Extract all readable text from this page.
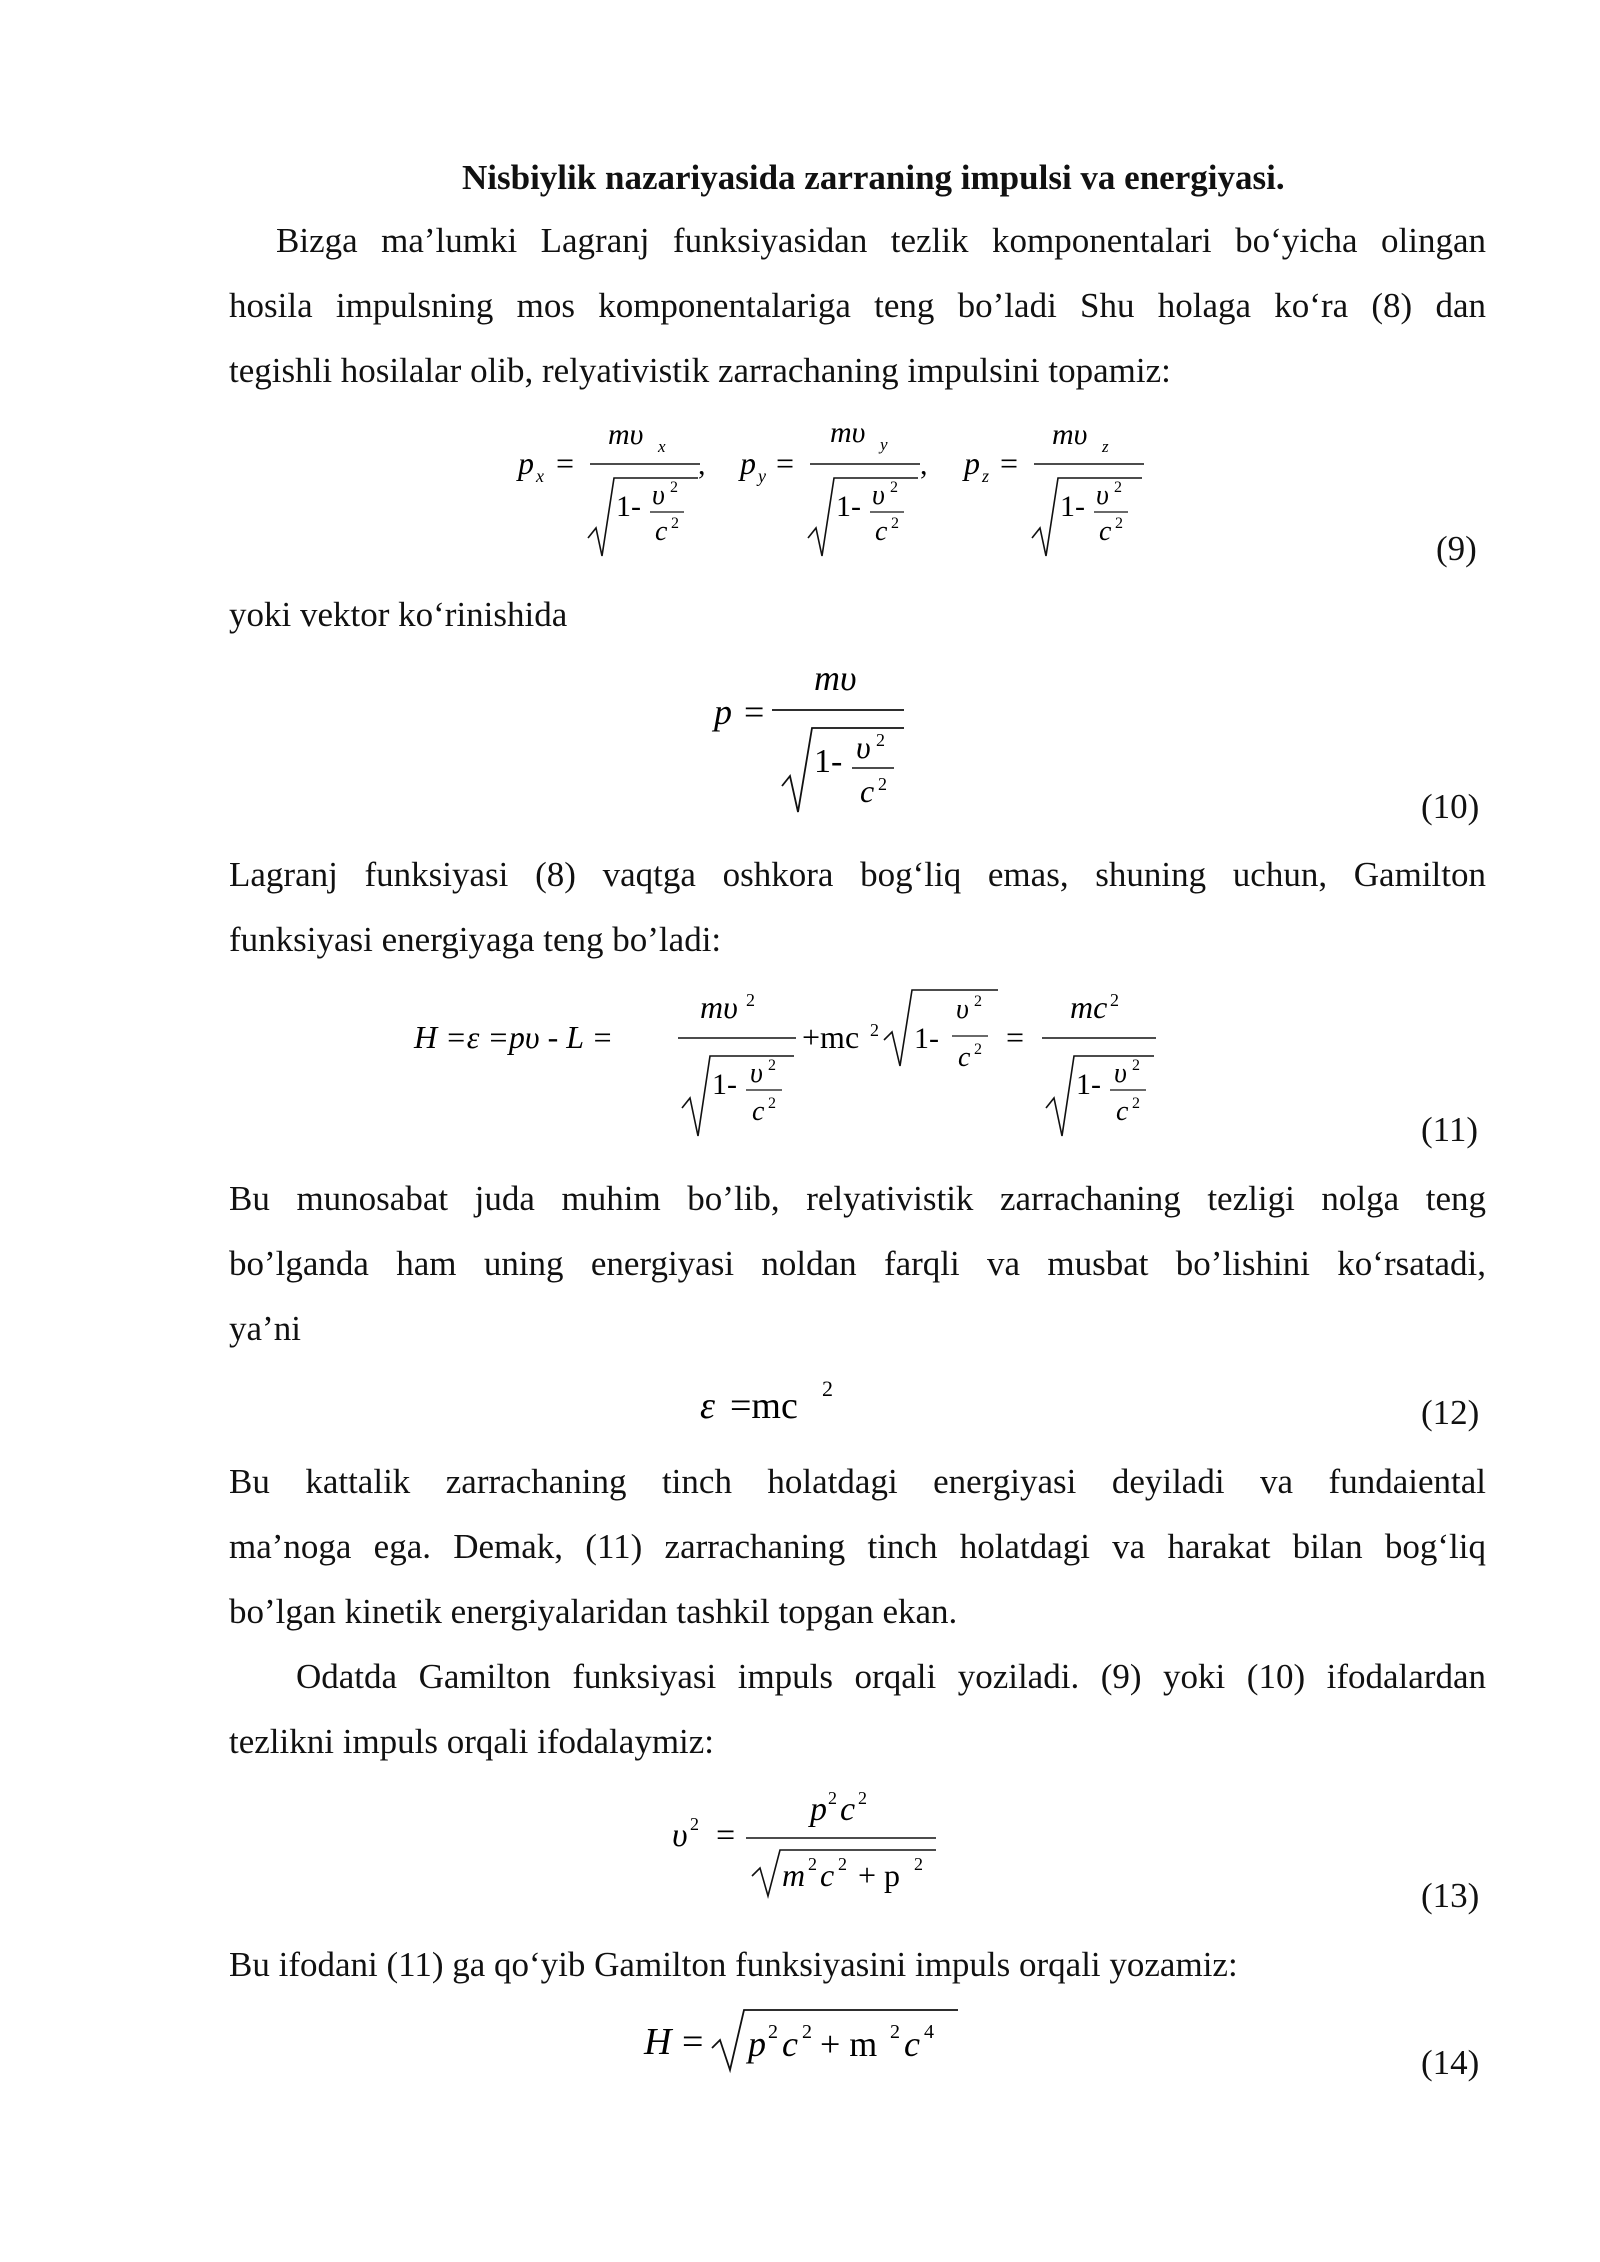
Nisbiylik nazariyasida zarraning impulsi va energiyasi.
Bizga ma’lumki Lagranj funksiyasidan tezlik komponentalari bo‘yicha olingan
hosila impulsning mos komponentalariga teng bo’ladi Shu holaga ko‘ra (8) dan
tegishli hosilalar olib, relyativistik zarrachaning impulsini topamiz:
p x =
mυ x
1- υ 2
c 2
, p y =
mυ y
1- υ 2
c 2
, p z =
mυ z
1- υ 2
c 2
(9)
yoki vektor ko‘rinishida
p =
mυ
1- υ 2
c 2
(10)
Lagranj funksiyasi (8) vaqtga oshkora bog‘liq emas, shuning uchun, Gamilton
funksiyasi energiyaga teng bo’ladi:
H =ε =pυ - L =
mυ 2
1- υ 2
c 2
+mc 2 1-
υ 2
c 2 =
mc 2
1- υ 2
c 2
(11)
Bu munosabat juda muhim bo’lib, relyativistik zarrachaning tezligi nolga teng
bo’lganda ham uning energiyasi noldan farqli va musbat bo’lishini ko‘rsatadi,
ya’ni
ε =mc 2
(12)
Bu kattalik zarrachaning tinch holatdagi energiyasi deyiladi va fundaiental
ma’noga ega. Demak, (11) zarrachaning tinch holatdagi va harakat bilan bog‘liq
bo’lgan kinetik energiyalaridan tashkil topgan ekan.
Odatda Gamilton funksiyasi impuls orqali yoziladi. (9) yoki (10) ifodalardan
tezlikni impuls orqali ifodalaymiz:
υ 2 =
p 2 c 2
m 2 c 2 + p 2
(13)
Bu ifodani (11) ga qo‘yib Gamilton funksiyasini impuls orqali yozamiz:
H = p 2 c 2 + m 2 c 4
(14)
